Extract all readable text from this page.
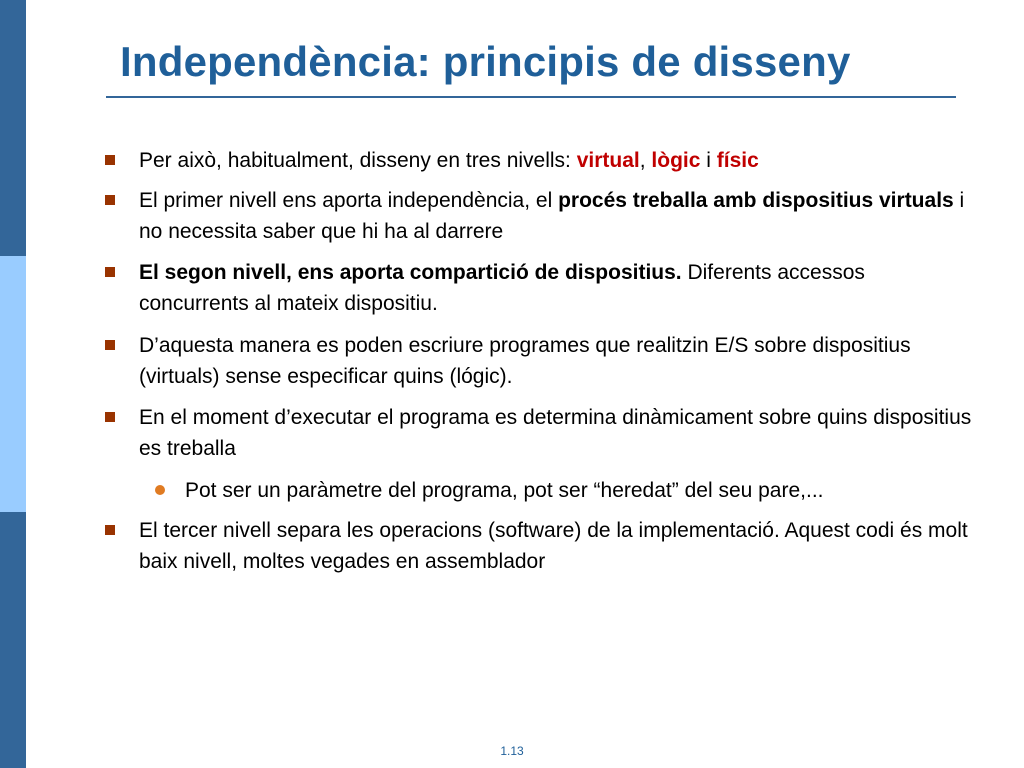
Independència: principis de disseny
Per això, habitualment, disseny en tres nivells: virtual, lògic i físic
El primer nivell ens aporta independència, el procés treballa amb dispositius virtuals i no necessita saber que hi ha al darrere
El segon nivell, ens aporta compartició de dispositius. Diferents accessos concurrents al mateix dispositiu.
D’aquesta manera es poden escriure programes que realitzin E/S sobre dispositius (virtuals) sense especificar quins (lógic).
En el moment d’executar el programa es determina dinàmicament sobre quins dispositius es treballa
Pot ser un paràmetre del programa, pot ser “heredat” del seu pare,...
El tercer nivell separa les operacions (software) de la implementació. Aquest codi és molt baix nivell, moltes vegades en assemblador
1.13
